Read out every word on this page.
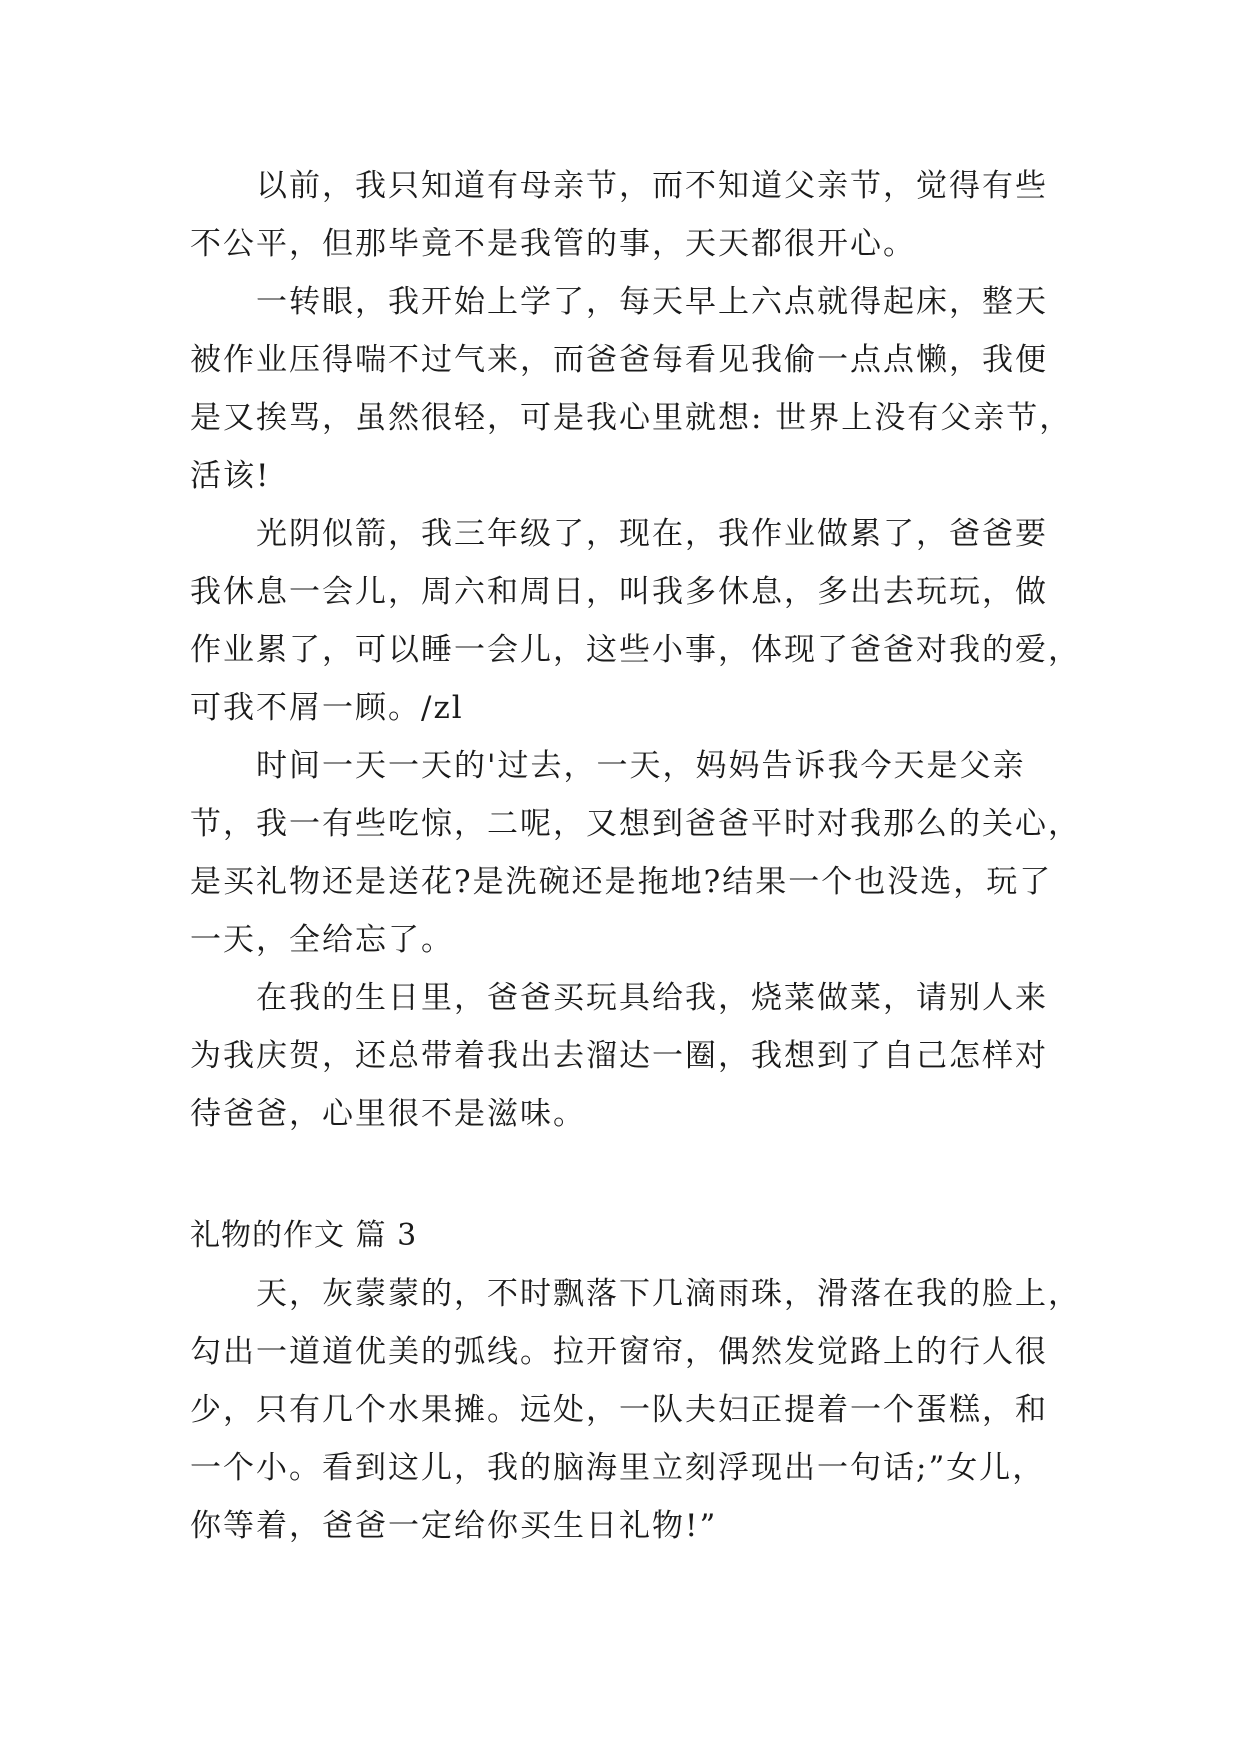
以前，我只知道有母亲节，而不知道父亲节，觉得有些
不公平，但那毕竟不是我管的事，天天都很开心。
一转眼，我开始上学了，每天早上六点就得起床，整天
被作业压得喘不过气来，而爸爸每看见我偷一点点懒，我便
是又挨骂，虽然很轻，可是我心里就想: 世界上没有父亲节，
活该!
光阴似箭，我三年级了，现在，我作业做累了，爸爸要
我休息一会儿，周六和周日，叫我多休息，多出去玩玩，做
作业累了，可以睡一会儿，这些小事，体现了爸爸对我的爱，
可我不屑一顾。/zl
时间一天一天的'过去，一天，妈妈告诉我今天是父亲
节，我一有些吃惊，二呢，又想到爸爸平时对我那么的关心，
是买礼物还是送花?是洗碗还是拖地?结果一个也没选，玩了
一天，全给忘了。
在我的生日里，爸爸买玩具给我，烧菜做菜，请别人来
为我庆贺，还总带着我出去溜达一圈，我想到了自己怎样对
待爸爸，心里很不是滋味。
礼物的作文 篇 3
天，灰蒙蒙的，不时飘落下几滴雨珠，滑落在我的脸上，
勾出一道道优美的弧线。拉开窗帘，偶然发觉路上的行人很
少，只有几个水果摊。远处，一队夫妇正提着一个蛋糕，和
一个小。看到这儿，我的脑海里立刻浮现出一句话;”女儿，
你等着，爸爸一定给你买生日礼物!”
